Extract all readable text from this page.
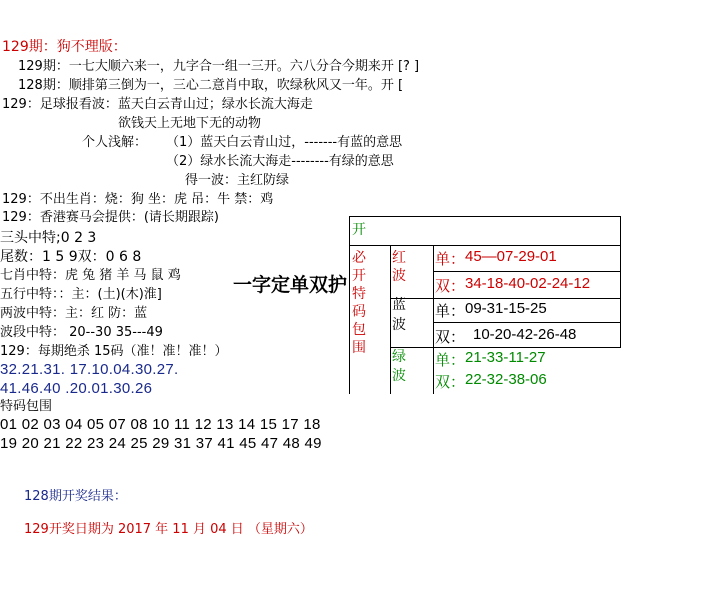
129期：狗不理版：
129期：一七大顺六来一，九字合一组一三开。六八分合今期来开 [? ]
128期：顺排第三倒为一，三心二意肖中取，吹绿秋风又一年。开 [
129：足球报看波：蓝天白云青山过；绿水长流大海走
欲钱天上无地下无的动物
个人浅解： （1）蓝天白云青山过，-------有蓝的意思
（2）绿水长流大海走--------有绿的意思
得一波：主红防绿
129：不出生肖：烧：狗 坐：虎 吊：牛 禁：鸡
129：香港赛马会提供：(请长期跟踪)
三头中特;0 2 3
尾数：1 5 9双：0 6 8
七肖中特：虎 兔 猪 羊 马 鼠 鸡
五行中特：：主：(土)(木)淮]
两波中特：主：红 防：蓝
波段中特： 20--30 35---49
129：每期绝杀 15码（准！准！准！）
32.21.31. 17.10.04.30.27.
41.46.40 .20.01.30.26
特码包围
01 02 03 04 05 07 08 10 11 12 13 14 15 17 18
19 20 21 22 23 24 25 29 31 37 41 45 47 48 49
一字定单双护
开
必
开
特
码
包
围
红
波
单： 45—07-29-01
双： 34-18-40-02-24-12
蓝
波
单： 09-31-15-25
双： 10-20-42-26-48
绿
波
单： 21-33-11-27
双： 22-32-38-06
128期开奖结果：
129开奖日期为 2017 年 11 月 04 日 （星期六）
